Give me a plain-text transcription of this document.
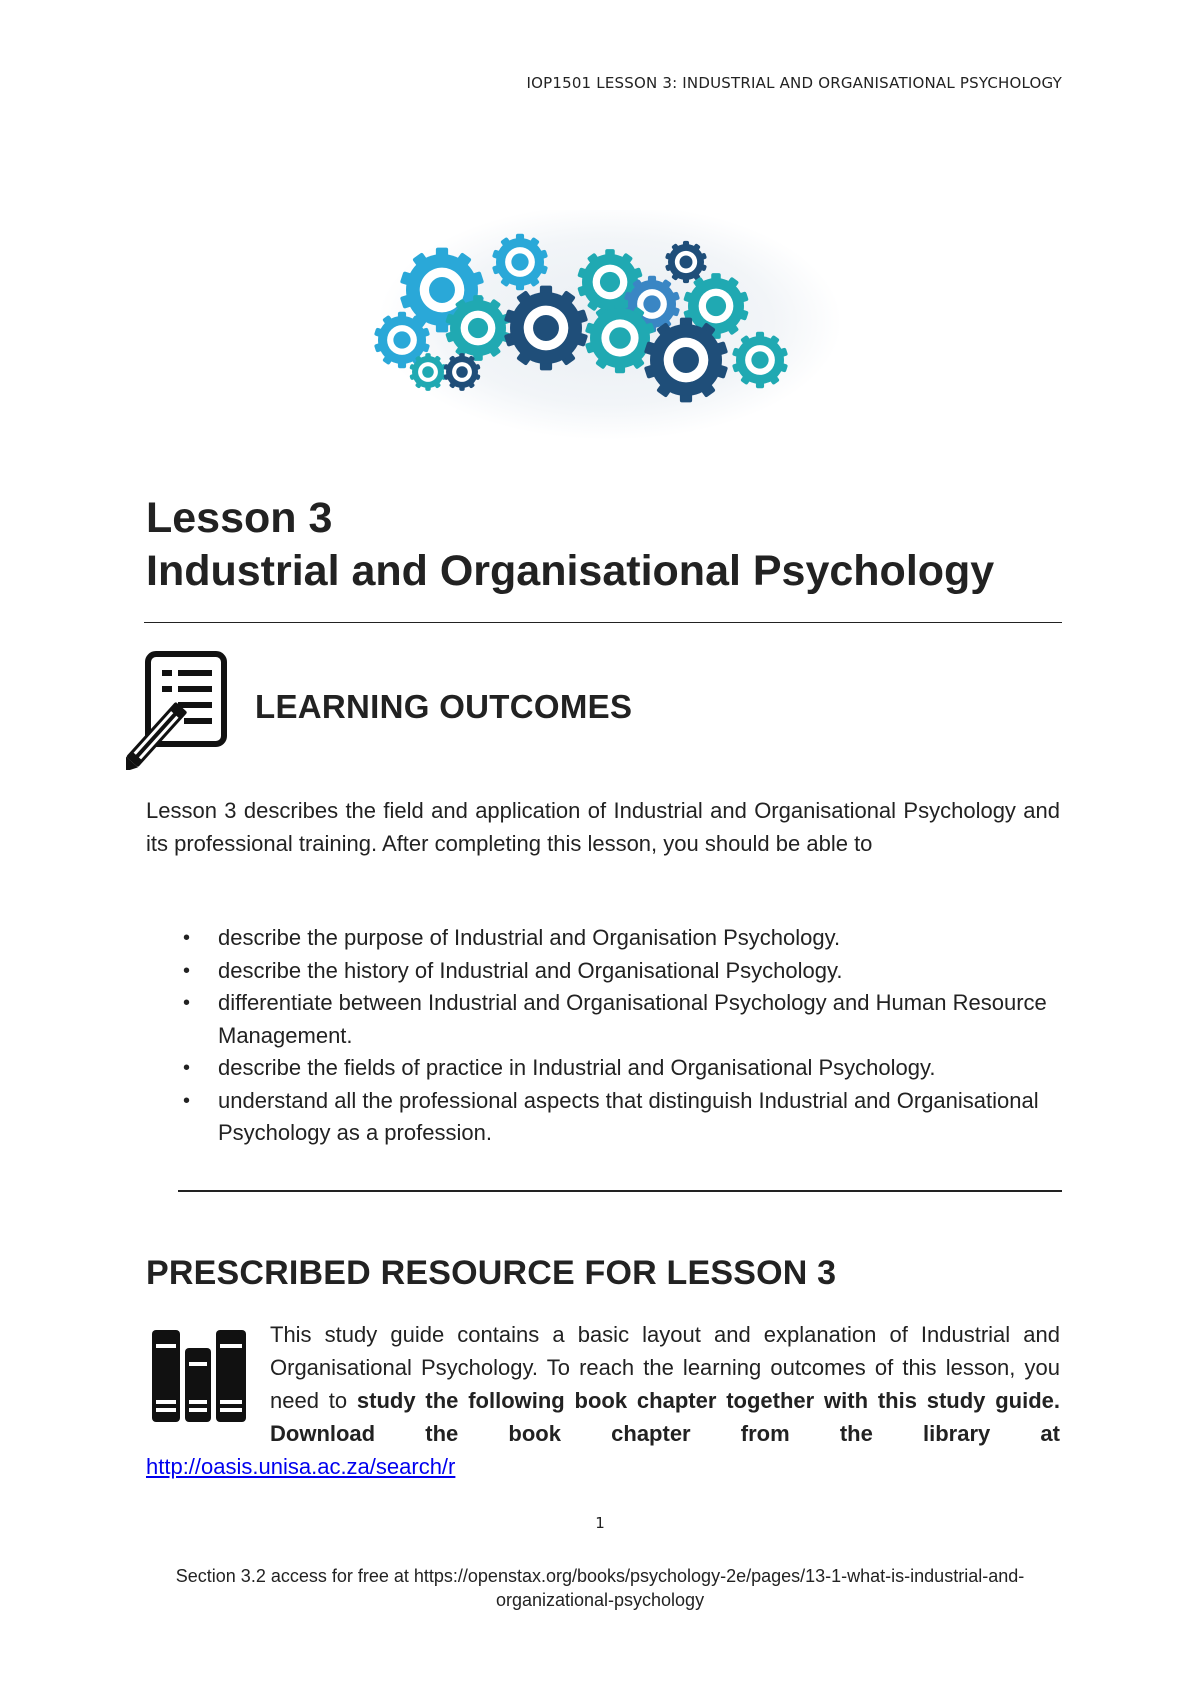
IOP1501 LESSON 3: INDUSTRIAL AND ORGANISATIONAL PSYCHOLOGY
Lesson 3
Industrial and Organisational Psychology
LEARNING OUTCOMES

Lesson 3 describes the field and application of Industrial and Organisational Psychology and its professional training. After completing this lesson, you should be able to

• describe the purpose of Industrial and Organisation Psychology.
• describe the history of Industrial and Organisational Psychology.
• differentiate between Industrial and Organisational Psychology and Human Resource Management.
• describe the fields of practice in Industrial and Organisational Psychology.
• understand all the professional aspects that distinguish Industrial and Organisational Psychology as a profession.
PRESCRIBED RESOURCE FOR LESSON 3

This study guide contains a basic layout and explanation of Industrial and Organisational Psychology. To reach the learning outcomes of this lesson, you need to study the following book chapter together with this study guide. Download the book chapter from the library at http://oasis.unisa.ac.za/search/r

1

Section 3.2 access for free at https://openstax.org/books/psychology-2e/pages/13-1-what-is-industrial-and-organizational-psychology
